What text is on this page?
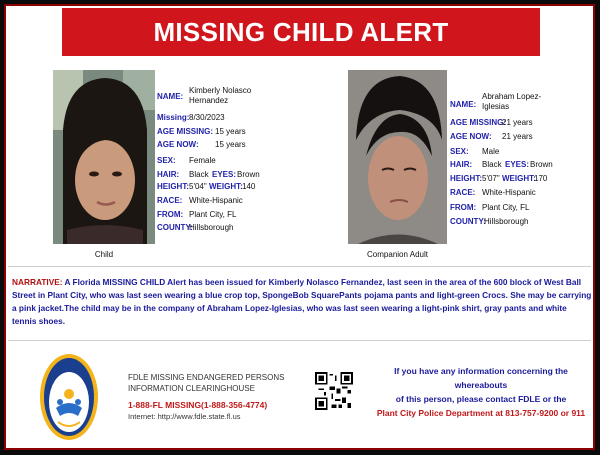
MISSING CHILD ALERT
Child
NAME:
Kimberly Nolasco Hernandez
Missing: 8/30/2023
AGE MISSING: 15 years
AGE NOW: 15 years
SEX: Female
HAIR: Black EYES: Brown
HEIGHT: 5'04" WEIGHT: 140
RACE: White-Hispanic
FROM: Plant City, FL
COUNTY:
Hillsborough
Companion Adult
NAME:
Abraham Lopez-Iglesias
AGE MISSING:
21 years
AGE NOW: 21 years
SEX: Male
HAIR: Black EYES: Brown
HEIGHT: 5'07" WEIGHT:
170
RACE: White-Hispanic
FROM: Plant City, FL
COUNTY:
Hillsborough
NARRATIVE: A Florida MISSING CHILD Alert has been issued for Kimberly Nolasco Fernandez, last seen in the area of the 600 block of West Ball Street in Plant City, who was last seen wearing a blue crop top, SpongeBob SquarePants pojama pants and light-green Crocs. She may be carrying a pink jacket.The child may be in the company of Abraham Lopez-Iglesias, who was last seen wearing a light-pink shirt, gray pants and white tennis shoes.
FDLE MISSING ENDANGERED PERSONS
INFORMATION CLEARINGHOUSE
1-888-FL MISSING(1-888-356-4774)
Internet: http://www.fdle.state.fl.us
If you have any information concerning the whereabouts
of this person, please contact FDLE or the
Plant City Police Department at 813-757-9200 or 911
